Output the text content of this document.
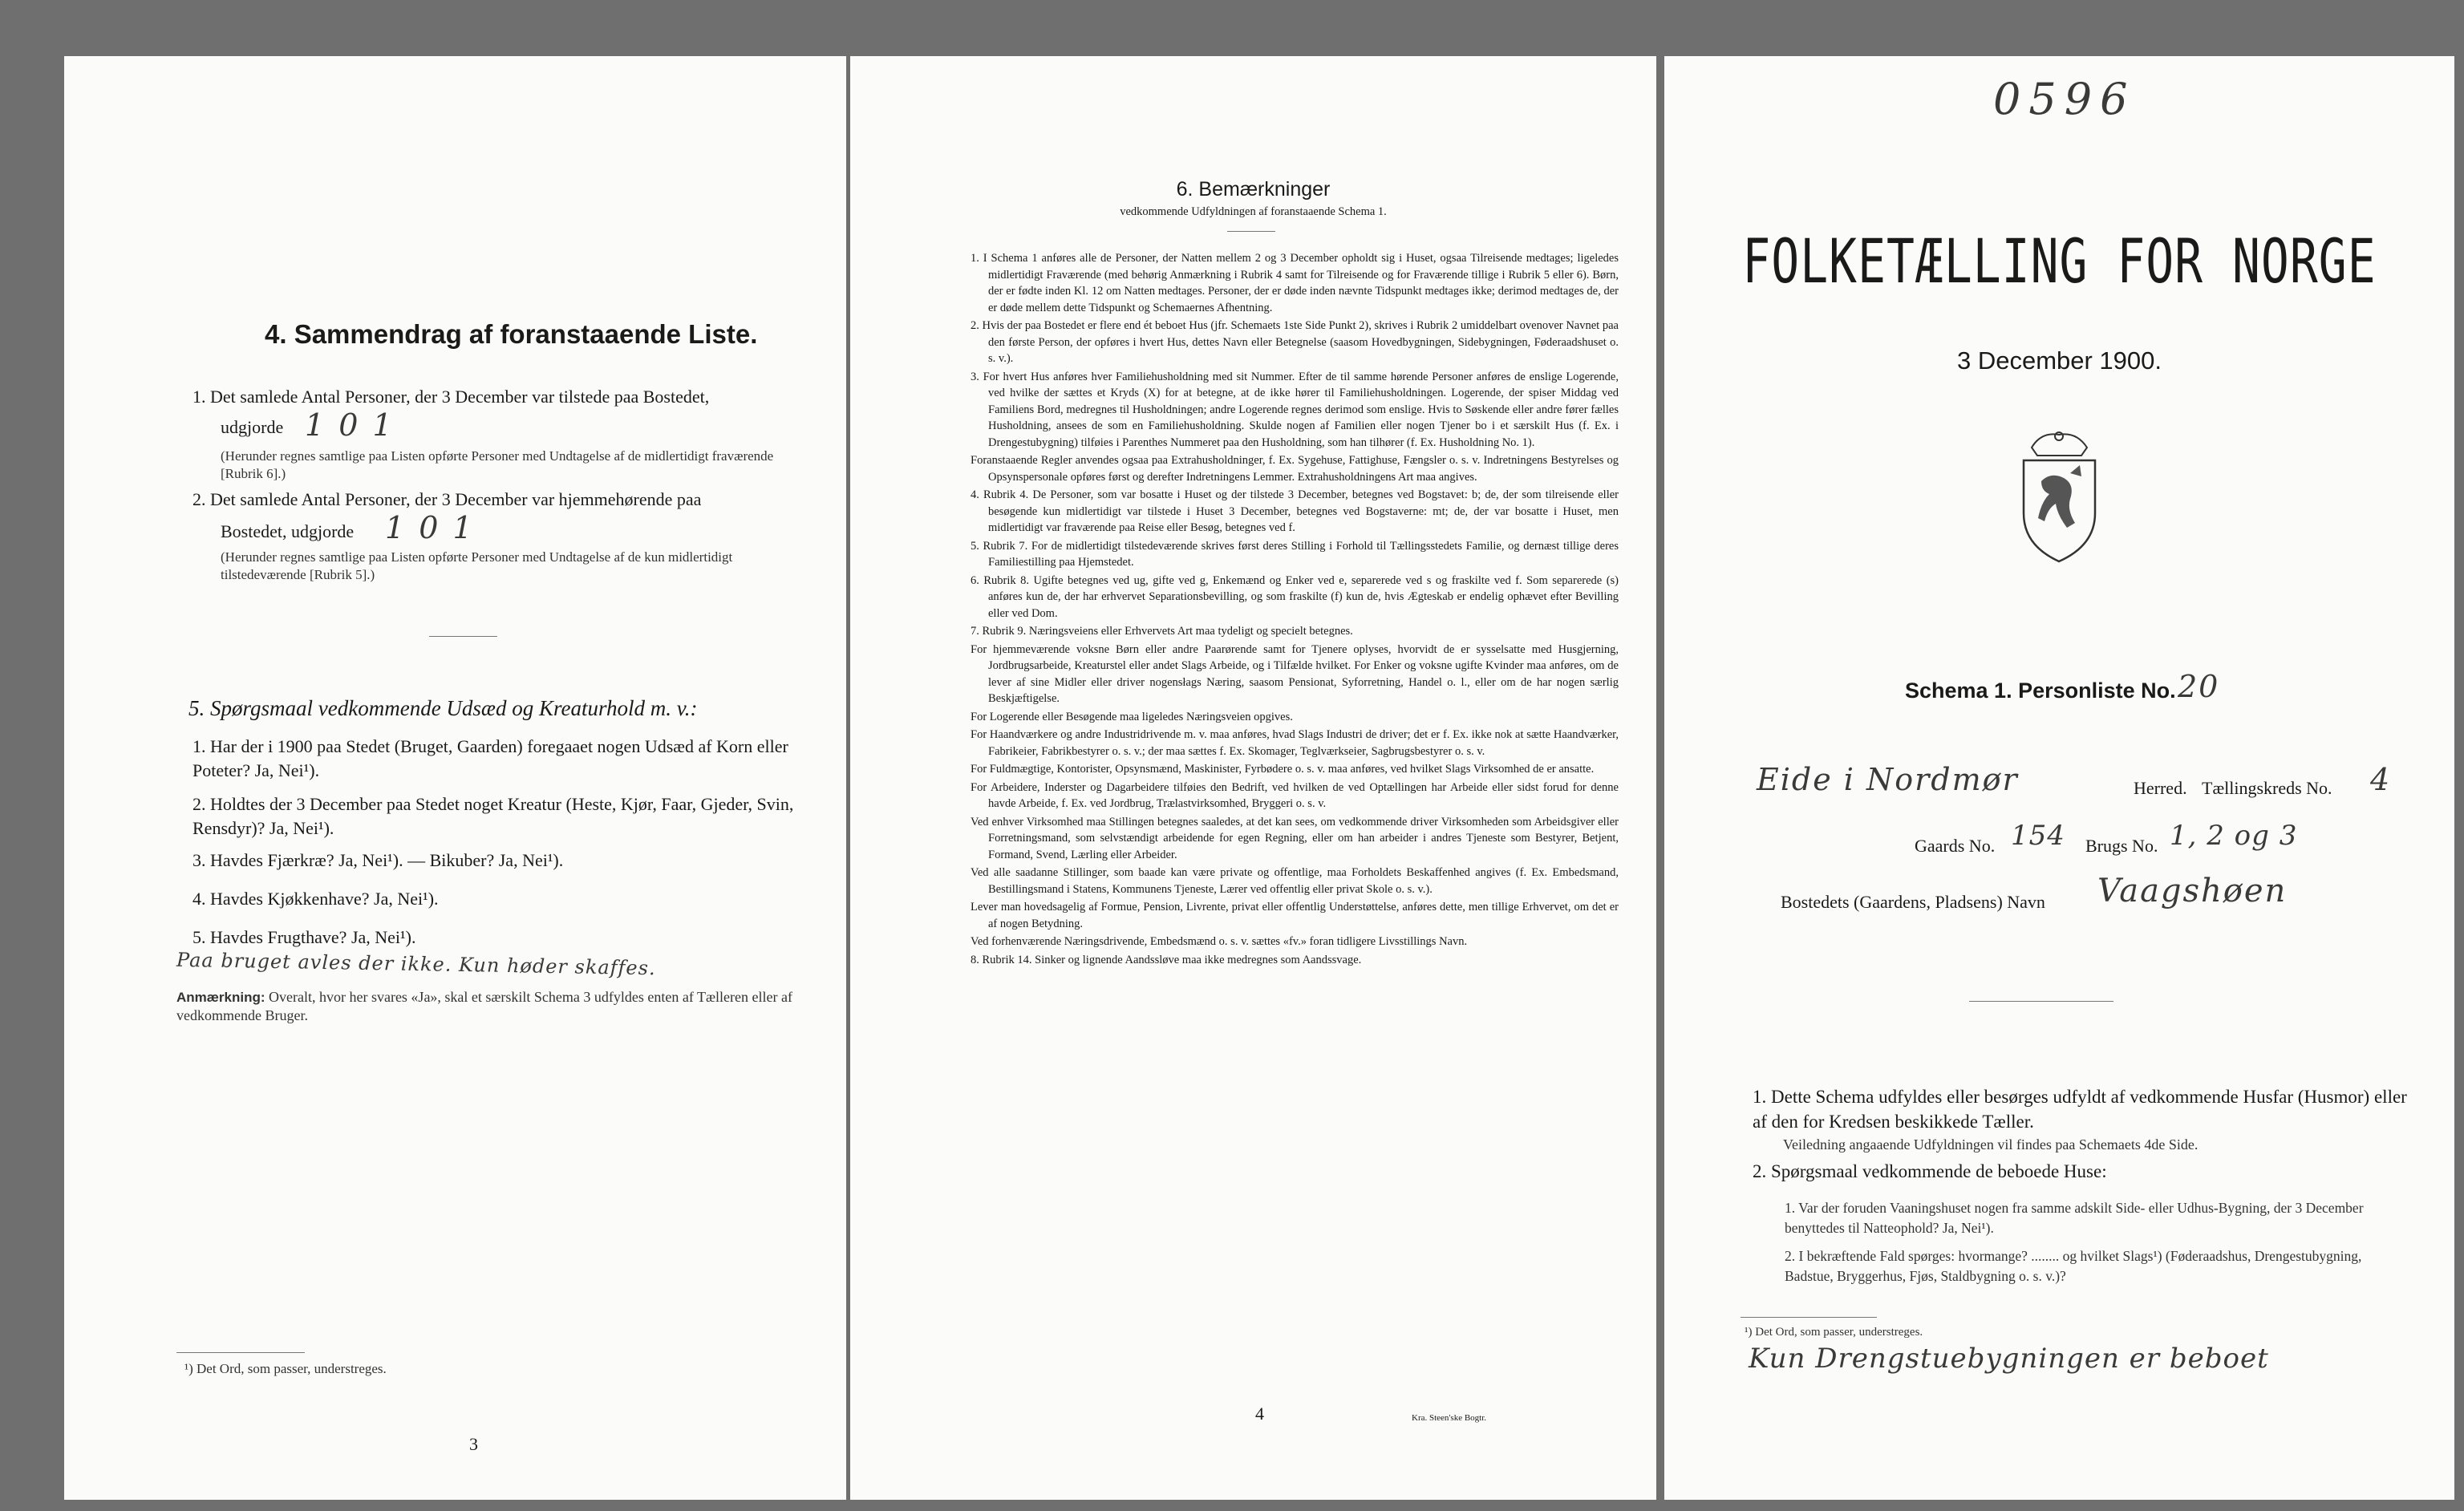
4. Sammendrag af foranstaaende Liste.
1. Det samlede Antal Personer, der 3 December var tilstede paa Bostedet,
udgjorde 1 0 1
(Herunder regnes samtlige paa Listen opførte Personer med Undtagelse af de midlertidigt fraværende [Rubrik 6].)
2. Det samlede Antal Personer, der 3 December var hjemmehørende paa
Bostedet, udgjorde 1 0 1
(Herunder regnes samtlige paa Listen opførte Personer med Undtagelse af de kun midlertidigt tilstedeværende [Rubrik 5].)
5. Spørgsmaal vedkommende Udsæd og Kreaturhold m. v.:
1. Har der i 1900 paa Stedet (Bruget, Gaarden) foregaaet nogen Udsæd af Korn eller Poteter? Ja, Nei¹).
2. Holdtes der 3 December paa Stedet noget Kreatur (Heste, Kjør, Faar, Gjeder, Svin, Rensdyr)? Ja, Nei¹).
3. Havdes Fjærkræ? Ja, Nei¹). — Bikuber? Ja, Nei¹).
4. Havdes Kjøkkenhave? Ja, Nei¹).
5. Havdes Frugthave? Ja, Nei¹).
Paa bruget avles der ikke. Kun høder skaffes.
Anmærkning: Overalt, hvor her svares «Ja», skal et særskilt Schema 3 udfyldes enten af Tælleren eller af vedkommende Bruger.
¹) Det Ord, som passer, understreges.
3
6. Bemærkninger
vedkommende Udfyldningen af foranstaaende Schema 1.
1. I Schema 1 anføres alle de Personer, der Natten mellem 2 og 3 December opholdt sig i Huset, ogsaa Tilreisende medtages; ligeledes midlertidigt Fraværende (med behørig Anmærkning i Rubrik 4 samt for Tilreisende og for Fraværende tillige i Rubrik 5 eller 6). Børn, der er fødte inden Kl. 12 om Natten medtages. Personer, der er døde inden nævnte Tidspunkt medtages ikke; derimod medtages de, der er døde mellem dette Tidspunkt og Schemaernes Afhentning.
2. Hvis der paa Bostedet er flere end ét beboet Hus (jfr. Schemaets 1ste Side Punkt 2), skrives i Rubrik 2 umiddelbart ovenover Navnet paa den første Person, der opføres i hvert Hus, dettes Navn eller Betegnelse (saasom Hovedbygningen, Sidebygningen, Føderaadshuset o. s. v.).
3. For hvert Hus anføres hver Familiehusholdning med sit Nummer. Efter de til samme hørende Personer anføres de enslige Logerende, ved hvilke der sættes et Kryds (X) for at betegne, at de ikke hører til Familiehusholdningen. Logerende, der spiser Middag ved Familiens Bord, medregnes til Husholdningen; andre Logerende regnes derimod som enslige. Hvis to Søskende eller andre fører fælles Husholdning, ansees de som en Familiehusholdning. Skulde nogen af Familien eller nogen Tjener bo i et særskilt Hus (f. Ex. i Drengestubygning) tilføies i Parenthes Nummeret paa den Husholdning, som han tilhører (f. Ex. Husholdning No. 1).
Foranstaaende Regler anvendes ogsaa paa Extrahusholdninger, f. Ex. Sygehuse, Fattighuse, Fængsler o. s. v. Indretningens Bestyrelses og Opsynspersonale opføres først og derefter Indretningens Lemmer. Extrahusholdningens Art maa angives.
4. Rubrik 4. De Personer, som var bosatte i Huset og der tilstede 3 December, betegnes ved Bogstavet: b; de, der som tilreisende eller besøgende kun midlertidigt var tilstede i Huset 3 December, betegnes ved Bogstaverne: mt; de, der var bosatte i Huset, men midlertidigt var fraværende paa Reise eller Besøg, betegnes ved f.
5. Rubrik 7. For de midlertidigt tilstedeværende skrives først deres Stilling i Forhold til Tællingsstedets Familie, og dernæst tillige deres Familiestilling paa Hjemstedet.
6. Rubrik 8. Ugifte betegnes ved ug, gifte ved g, Enkemænd og Enker ved e, separerede ved s og fraskilte ved f. Som separerede (s) anføres kun de, der har erhvervet Separationsbevilling, og som fraskilte (f) kun de, hvis Ægteskab er endelig ophævet efter Bevilling eller ved Dom.
7. Rubrik 9. Næringsveiens eller Erhvervets Art maa tydeligt og specielt betegnes.
For hjemmeværende voksne Børn eller andre Paarørende samt for Tjenere oplyses, hvorvidt de er sysselsatte med Husgjerning, Jordbrugsarbeide, Kreaturstel eller andet Slags Arbeide, og i Tilfælde hvilket. For Enker og voksne ugifte Kvinder maa anføres, om de lever af sine Midler eller driver nogensłags Næring, saasom Pensionat, Syforretning, Handel o. l., eller om de har nogen særlig Beskjæftigelse.
For Logerende eller Besøgende maa ligeledes Næringsveien opgives.
For Haandværkere og andre Industridrivende m. v. maa anføres, hvad Slags Industri de driver; det er f. Ex. ikke nok at sætte Haandværker, Fabrikeier, Fabrikbestyrer o. s. v.; der maa sættes f. Ex. Skomager, Teglværkseier, Sagbrugsbestyrer o. s. v.
For Fuldmægtige, Kontorister, Opsynsmænd, Maskinister, Fyrbødere o. s. v. maa anføres, ved hvilket Slags Virksomhed de er ansatte.
For Arbeidere, Inderster og Dagarbeidere tilføies den Bedrift, ved hvilken de ved Optællingen har Arbeide eller sidst forud for denne havde Arbeide, f. Ex. ved Jordbrug, Trælastvirksomhed, Bryggeri o. s. v.
Ved enhver Virksomhed maa Stillingen betegnes saaledes, at det kan sees, om vedkommende driver Virksomheden som Arbeidsgiver eller Forretningsmand, som selvstændigt arbeidende for egen Regning, eller om han arbeider i andres Tjeneste som Bestyrer, Betjent, Formand, Svend, Lærling eller Arbeider.
Ved alle saadanne Stillinger, som baade kan være private og offentlige, maa Forholdets Beskaffenhed angives (f. Ex. Embedsmand, Bestillingsmand i Statens, Kommunens Tjeneste, Lærer ved offentlig eller privat Skole o. s. v.).
Lever man hovedsagelig af Formue, Pension, Livrente, privat eller offentlig Understøttelse, anføres dette, men tillige Erhvervet, om det er af nogen Betydning.
Ved forhenværende Næringsdrivende, Embedsmænd o. s. v. sættes «fv.» foran tidligere Livsstillings Navn.
8. Rubrik 14. Sinker og lignende Aandssløve maa ikke medregnes som Aandssvage.
4	Kra. Steen'ske Bogtr.
0596
FOLKETÆLLING FOR NORGE
3 December 1900.
Schema 1. Personliste No. 20
Eide i Nordmør	Herred. Tællingskreds No. 4
Gaards No. 154 Brugs No. 1, 2 og 3
Bostedets (Gaardens, Pladsens) Navn Vaagshøen
1. Dette Schema udfyldes eller besørges udfyldt af vedkommende Husfar (Husmor) eller af den for Kredsen beskikkede Tæller.
Veiledning angaaende Udfyldningen vil findes paa Schemaets 4de Side.
2. Spørgsmaal vedkommende de beboede Huse:
1. Var der foruden Vaaningshuset nogen fra samme adskilt Side- eller Udhus-Bygning, der 3 December benyttedes til Natteophold? Ja, Nei¹).
2. I bekræftende Fald spørges: hvormange? ........ og hvilket Slags¹) (Føderaadshus, Drengestubygning, Badstue, Bryggerhus, Fjøs, Staldbygning o. s. v.)?
¹) Det Ord, som passer, understreges.
Kun Drengstuebygningen er beboet
